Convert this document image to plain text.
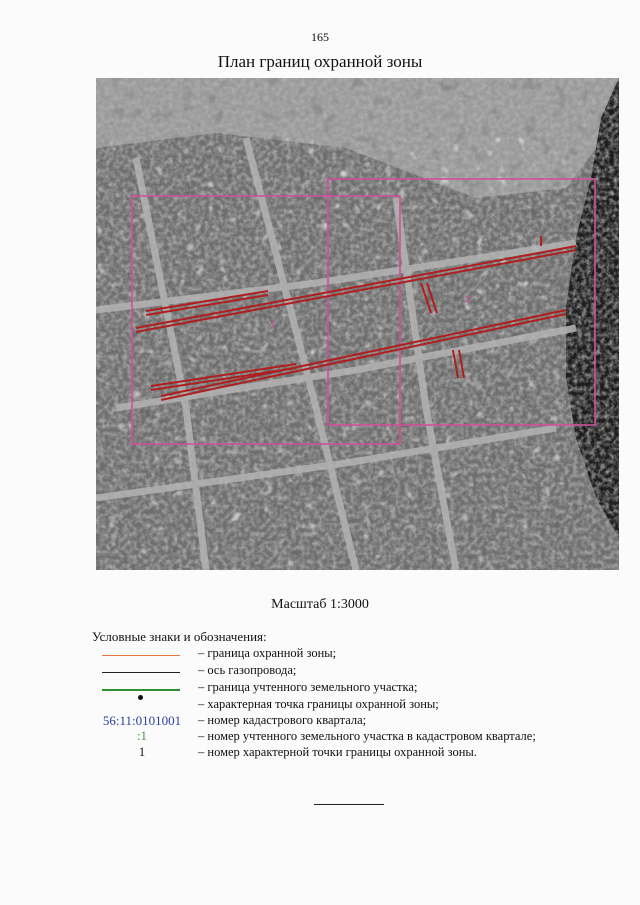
165
План границ охранной зоны
1
2
Масштаб 1:3000
Условные знаки и обозначения:
– граница охранной зоны;
– ось газопровода;
– граница учтенного земельного участка;
– характерная точка границы охранной зоны;
56:11:0101001	– номер кадастрового квартала;
:1	– номер учтенного земельного участка в кадастровом квартале;
1	– номер характерной точки границы охранной зоны.
